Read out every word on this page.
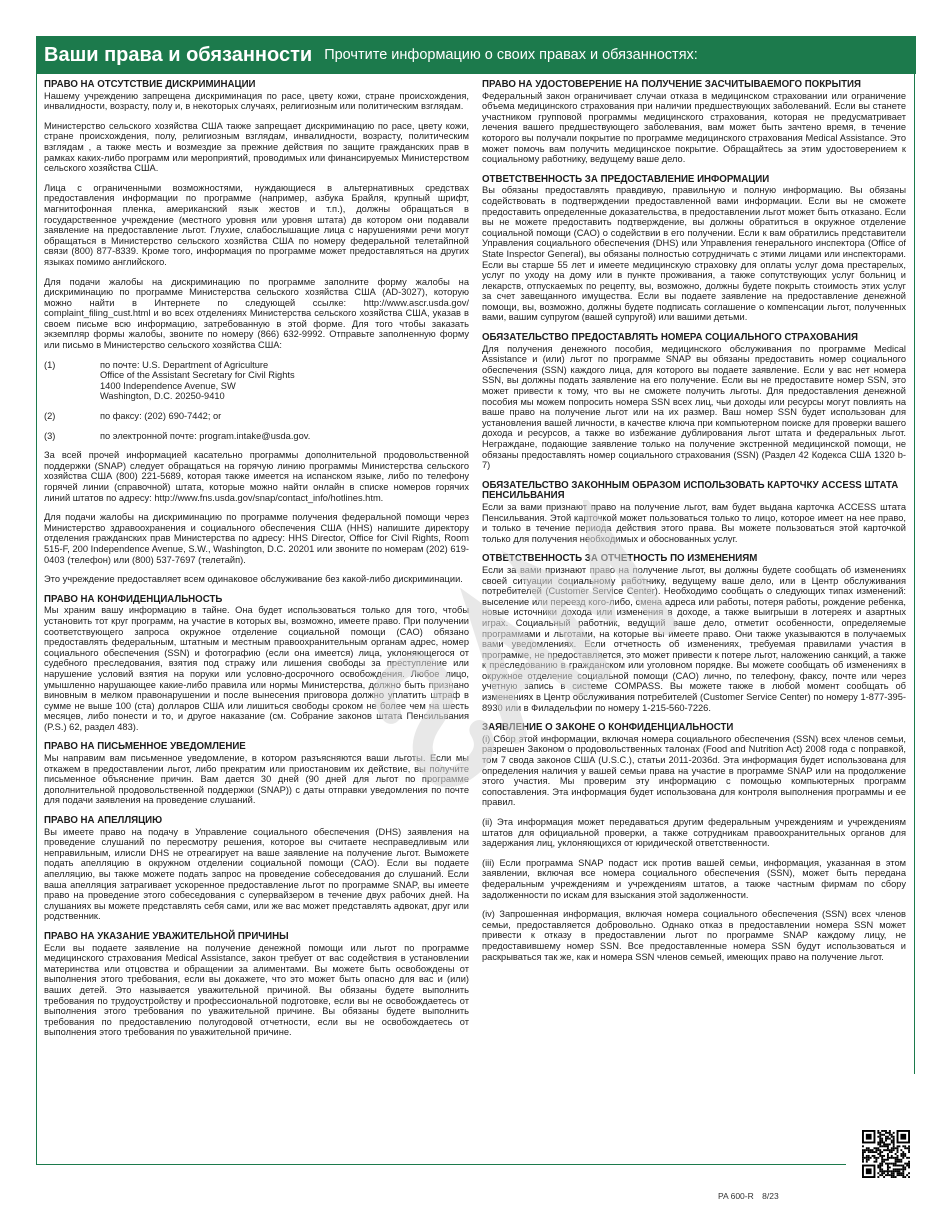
Ваши права и обязанности Прочтите информацию о своих правах и обязанностях:
ПРАВО НА ОТСУТСТВИЕ ДИСКРИМИНАЦИИ

Нашему учреждению запрещена дискриминация по расе, цвету кожи, стране происхождения, инвалидности, возрасту, полу и, в некоторых случаях, религиозным или политическим взглядам.

Министерство сельского хозяйства США также запрещает дискриминацию по расе, цвету кожи, стране происхождения, полу, религиозным взглядам, инвалидности, возрасту, политическим взглядам , а также месть и возмездие за прежние действия по защите гражданских прав в рамках каких-либо программ или мероприятий, проводимых или финансируемых Министерством сельского хозяйства США.

Лица с ограниченными возможностями, нуждающиеся в альтернативных средствах предоставления информации по программе (например, азбука Брайля, крупный шрифт, магнитофонная пленка, американский язык жестов и т.п.), должны обращаться в государственное учреждение (местного уровня или уровня штата) дв котором они подавали заявление на предоставление льгот. Глухие, слабослышащие лица с нарушениями речи могут обращаться в Министерство сельского хозяйства США по номеру федеральной телетайпной связи (800) 877-8339. Кроме того, информация по программе может предоставляться на других языках помимо английского.

Для подачи жалобы на дискриминацию по программе заполните форму жалобы на дискриминацию по программе Министерства сельского хозяйства США (AD-3027), которую можно найти в Интернете по следующей ссылке: http://www.ascr.usda.gov/ complaint_filing_cust.html и во всех отделениях Министерства сельского хозяйства США, указав в своем письме всю информацию, затребованную в этой форме. Для того чтобы заказать экземпляр формы жалобы, звоните по номеру (866) 632-9992. Отправьте заполненную форму или письмо в Министерство сельского хозяйства США:

(1)	по почте: U.S. Department of Agriculture
Office of the Assistant Secretary for Civil Rights
1400 Independence Avenue, SW
Washington, D.C. 20250-9410
(2)	по факсу: (202) 690-7442; or
(3)	по электронной почте: program.intake@usda.gov.

За всей прочей информацией касательно программы дополнительной продовольственной поддержки (SNAP) следует обращаться на горячую линию программы Министерства сельского хозяйства США (800) 221-5689, которая также имеется на испанском языке, либо по телефону горячей линии (справочной) штата, которые можно найти онлайн в списке номеров горячих линий штатов по адресу: http://www.fns.usda.gov/snap/contact_info/hotlines.htm.

Для подачи жалобы на дискриминацию по программе получения федеральной помощи через Министерство здравоохранения и социального обеспечения США (HHS) напишите директору отделения гражданских прав Министерства по адресу: HHS Director, Office for Civil Rights, Room 515-F, 200 Independence Avenue, S.W., Washington, D.C. 20201 или звоните по номерам (202) 619-0403 (телефон) или (800) 537-7697 (телетайп).

Это учреждение предоставляет всем одинаковое обслуживание без какой-либо дискриминации.

ПРАВО НА КОНФИДЕНЦИАЛЬНОСТЬ

Мы храним вашу информацию в тайне. Она будет использоваться только для того, чтобы установить тот круг программ, на участие в которых вы, возможно, имеете право. При получении соответствующего запроса окружное отделение социальной помощи (CAO) обязано предоставлять федеральным, штатным и местным правоохранительным органам адрес, номер социального обеспечения (SSN) и фотографию (если она имеется) лица, уклоняющегося от судебного преследования, взятия под стражу или лишения свободы за преступление или нарушение условий взятия на поруки или условно-досрочного освобождения. Любое лицо, умышленно нарушающее какие-либо правила или нормы Министерства, должно быть признано виновным в мелком правонарушении и после вынесения приговора должно уплатить штраф в сумме не выше 100 (ста) долларов США или лишиться свободы сроком не более чем на шесть месяцев, либо понести и то, и другое наказание (см. Собрание законов штата Пенсильвания (P.S.) 62, раздел 483).

ПРАВО НА ПИСЬМЕННОЕ УВЕДОМЛЕНИЕ

Мы направим вам письменное уведомление, в котором разъясняются ваши льготы. Если мы откажем в предоставлении льгот, либо прекратим или приостановим их действие, вы получите письменное объяснение причин. Вам дается 30 дней (90 дней для льгот по программе дополнительной продовольственной поддержки (SNAP)) с даты отправки уведомления по почте для подачи заявления на проведение слушаний.

ПРАВО НА АПЕЛЛЯЦИЮ

Вы имеете право на подачу в Управление социального обеспечения (DHS) заявления на проведение слушаний по пересмотру решения, которое вы считаете несправедливым или неправильным, илисли DHS не отреагирует на ваше заявление на получение льгот. Выможете подать апелляцию в окружном отделении социальной помощи (CAO). Если вы подаете апелляцию, вы также можете подать запрос на проведение собеседования до слушаний. Если ваша апелляция затрагивает ускоренное предоставление льгот по программе SNAP, вы имеете право на проведение этого собеседования с супервайзером в течение двух рабочих дней. На слушаниях вы можете представлять себя сами, или же вас может представлять адвокат, друг или родственник.

ПРАВО НА УКАЗАНИЕ УВАЖИТЕЛЬНОЙ ПРИЧИНЫ

Если вы подаете заявление на получение денежной помощи или льгот по программе медицинского страхования Medical Assistance, закон требует от вас содействия в установлении материнства или отцовства и обращении за алиментами. Вы можете быть освобождены от выполнения этого требования, если вы докажете, что это может быть опасно для вас и (или) ваших детей. Это называется уважительной причиной. Вы обязаны будете выполнить требования по трудоустройству и профессиональной подготовке, если вы не освобождаетесь от выполнения этого требования по уважительной причине. Вы обязаны будете выполнить требования по предоставлению полугодовой отчетности, если вы не освобождаетесь от выполнения этого требования по уважительной причине.

ПРАВО НА УДОСТОВЕРЕНИЕ НА ПОЛУЧЕНИЕ ЗАСЧИТЫВАЕМОГО ПОКРЫТИЯ

Федеральный закон ограничивает случаи отказа в медицинском страховании или ограничение объема медицинского страхования при наличии предшествующих заболеваний. Если вы станете участником групповой программы медицинского страхования, которая не предусматривает лечения вашего предшествующего заболевания, вам может быть зачтено время, в течение которого вы получали покрытие по программе медицинского страхования Medical Assistance. Это может помочь вам получить медицинское покрытие. Обращайтесь за этим удостоверением к социальному работнику, ведущему ваше дело.

ОТВЕТСТВЕННОСТЬ ЗА ПРЕДОСТАВЛЕНИЕ ИНФОРМАЦИИ

Вы обязаны предоставлять правдивую, правильную и полную информацию. Вы обязаны содействовать в подтверждении предоставленной вами информации. Если вы не сможете предоставить определенные доказательства, в предоставлении льгот может быть отказано. Если вы не можете предоставить подтверждение, вы должны обратиться в окружное отделение социальной помощи (CAO) о содействии в его получении. Если к вам обратились представители Управления социального обеспечения (DHS) или Управления генерального инспектора (Office of State Inspector General), вы обязаны полностью сотрудничать с этими лицами или инспекторами. Если вы старше 55 лет и имеете медицинскую страховку для оплаты услуг дома престарелых, услуг по уходу на дому или в пункте проживания, а также сопутствующих услуг больниц и лекарств, отпускаемых по рецепту, вы, возможно, должны будете покрыть стоимость этих услуг за счет завещанного имущества. Если вы подаете заявление на предоставление денежной помощи, вы, возможно, должны будете подписать соглашение о компенсации льгот, полученных вами, вашим супругом (вашей супругой) или вашими детьми.

ОБЯЗАТЕЛЬСТВО ПРЕДОСТАВЛЯТЬ НОМЕРА СОЦИАЛЬНОГО СТРАХОВАНИЯ

Для получения денежного пособия, медицинского обслуживания по программе Medical Assistance и (или) льгот по программе SNAP вы обязаны предоставить номер социального обеспечения (SSN) каждого лица, для которого вы подаете заявление. Если у вас нет номера SSN, вы должны подать заявление на его получение. Если вы не предоставите номер SSN, это может привести к тому, что вы не сможете получить льготы. Для предоставления денежной пособия мы можем попросить номера SSN всех лиц, чьи доходы или ресурсы могут повлиять на ваше право на получение льгот или на их размер. Ваш номер SSN будет использован для установления вашей личности, в качестве ключа при компьютерном поиске для проверки вашего дохода и ресурсов, а также во избежание дублирования льгот штата и федеральных льгот. Неграждане, подающие заявление только на получение экстренной медицинской помощи, не обязаны предоставлять номер социального страхования (SSN) (Раздел 42 Кодекса США 1320 b-7)

ОБЯЗАТЕЛЬСТВО ЗАКОННЫМ ОБРАЗОМ ИСПОЛЬЗОВАТЬ КАРТОЧКУ ACCESS ШТАТА ПЕНСИЛЬВАНИЯ

Если за вами признают право на получение льгот, вам будет выдана карточка ACCESS штата Пенсильвания. Этой карточкой может пользоваться только то лицо, которое имеет на нее право, и только в течение периода действия этого права. Вы можете пользоваться этой карточкой только для получения необходимых и обоснованных услуг.

ОТВЕТСТВЕННОСТЬ ЗА ОТЧЕТНОСТЬ ПО ИЗМЕНЕНИЯМ

Если за вами признают право на получение льгот, вы должны будете сообщать об изменениях своей ситуации социальному работнику, ведущему ваше дело, или в Центр обслуживания потребителей (Customer Service Center). Необходимо сообщать о следующих типах изменений: выселение или переезд кого-либо, смена адреса или работы, потеря работы, рождение ребенка, новые источники дохода или изменения в доходе, а также выигрыши в лотереях и азартных играх. Социальный работник, ведущий ваше дело, отметит особенности, определяемые программами и льготами, на которые вы имеете право. Они также указываются в получаемых вами уведомлениях. Если отчетность об изменениях, требуемая правилами участия в программе, не предоставляется, это может привести к потере льгот, наложению санкций, а также к преследованию в гражданском или уголовном порядке. Вы можете сообщать об изменениях в окружное отделение социальной помощи (CAO) лично, по телефону, факсу, почте или через учетную запись в системе COMPASS. Вы можете также в любой момент сообщать об изменениях в Центр обслуживания потребителей (Customer Service Center) по номеру 1-877-395-8930 или в Филадельфии по номеру 1-215-560-7226.

ЗАЯВЛЕНИЕ О ЗАКОНЕ О КОНФИДЕНЦИАЛЬНОСТИ

(i) Сбор этой информации, включая номера социального обеспечения (SSN) всех членов семьи, разрешен Законом о продовольственных талонах (Food and Nutrition Act) 2008 года с поправкой, том 7 свода законов США (U.S.C.), статьи 2011-2036d. Эта информация будет использована для определения наличия у вашей семьи права на участие в программе SNAP или на продолжение этого участия. Мы проверим эту информацию с помощью компьютерных программ сопоставления. Эта информация будет использована для контроля выполнения программы и ее правил.

(ii) Эта информация может передаваться другим федеральным учреждениям и учреждениям штатов для официальной проверки, а также сотрудникам правоохранительных органов для задержания лиц, уклоняющихся от юридической ответственности.

(iii) Если программа SNAP подаст иск против вашей семьи, информация, указанная в этом заявлении, включая все номера социального обеспечения (SSN), может быть передана федеральным учреждениям и учреждениям штатов, а также частным фирмам по сбору задолженности по искам для взыскания этой задолженности.

(iv) Запрошенная информация, включая номера социального обеспечения (SSN) всех членов семьи, предоставляется добровольно. Однако отказ в предоставлении номера SSN может привести к отказу в предоставлении льгот по программе SNAP каждому лицу, не предоставившему номер SSN. Все предоставленные номера SSN будут использоваться и раскрываться так же, как и номера SSN членов семьей, имеющих право на получение льгот.

PA 600-R 8/23
